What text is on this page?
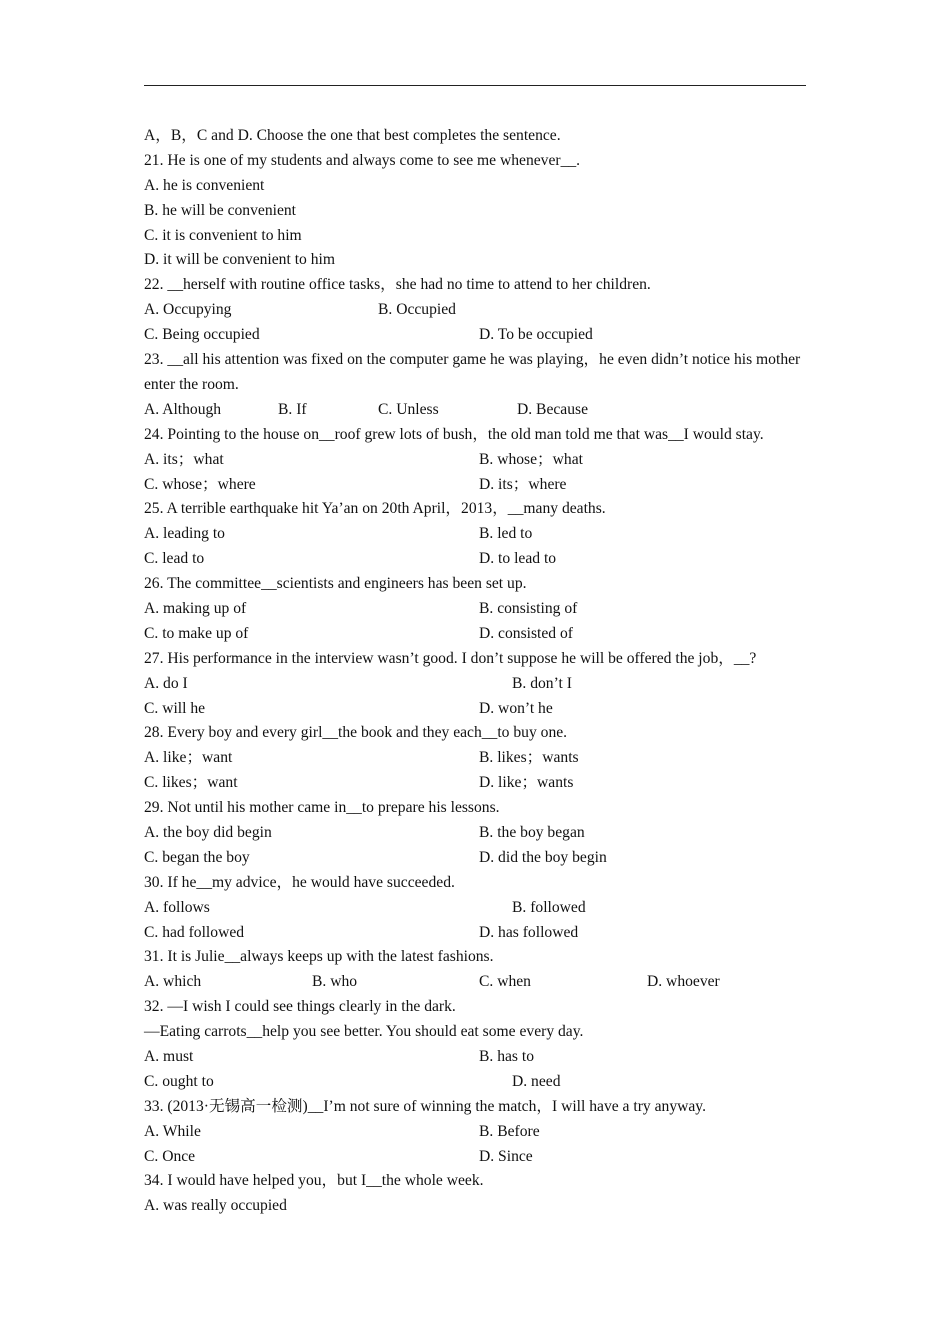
A，B，C and D. Choose the one that best completes the sentence.
21. He is one of my students and always come to see me whenever__.
A. he is convenient
B. he will be convenient
C. it is convenient to him
D. it will be convenient to him
22. __herself with routine office tasks，she had no time to attend to her children.
A. Occupying	B. Occupied
C. Being occupied	D. To be occupied
23. __all his attention was fixed on the computer game he was playing，he even didn’t notice his mother enter the room.
A. Although	B. If	C. Unless	D. Because
24. Pointing to the house on__roof grew lots of bush，the old man told me that was__I would stay.
A. its；what	B. whose；what
C. whose；where	D. its；where
25. A terrible earthquake hit Ya’an on 20th April，2013，__many deaths.
A. leading to	B. led to
C. lead to	D. to lead to
26. The committee__scientists and engineers has been set up.
A. making up of	B. consisting of
C. to make up of	D. consisted of
27. His performance in the interview wasn’t good. I don’t suppose he will be offered the job，__?
A. do I	B. don’t I
C. will he	D. won’t he
28. Every boy and every girl__the book and they each__to buy one.
A. like；want	B. likes；wants
C. likes；want	D. like；wants
29. Not until his mother came in__to prepare his lessons.
A. the boy did begin	B. the boy began
C. began the boy	D. did the boy begin
30. If he__my advice，he would have succeeded.
A. follows	B. followed
C. had followed	D. has followed
31. It is Julie__always keeps up with the latest fashions.
A. which	B. who	C. when	D. whoever
32. —I wish I could see things clearly in the dark.
—Eating carrots__help you see better. You should eat some every day.
A. must	B. has to
C. ought to	D. need
33. (2013·无锡高一检测)__I’m not sure of winning the match，I will have a try anyway.
A. While	B. Before
C. Once	D. Since
34. I would have helped you，but I__the whole week.
A. was really occupied
